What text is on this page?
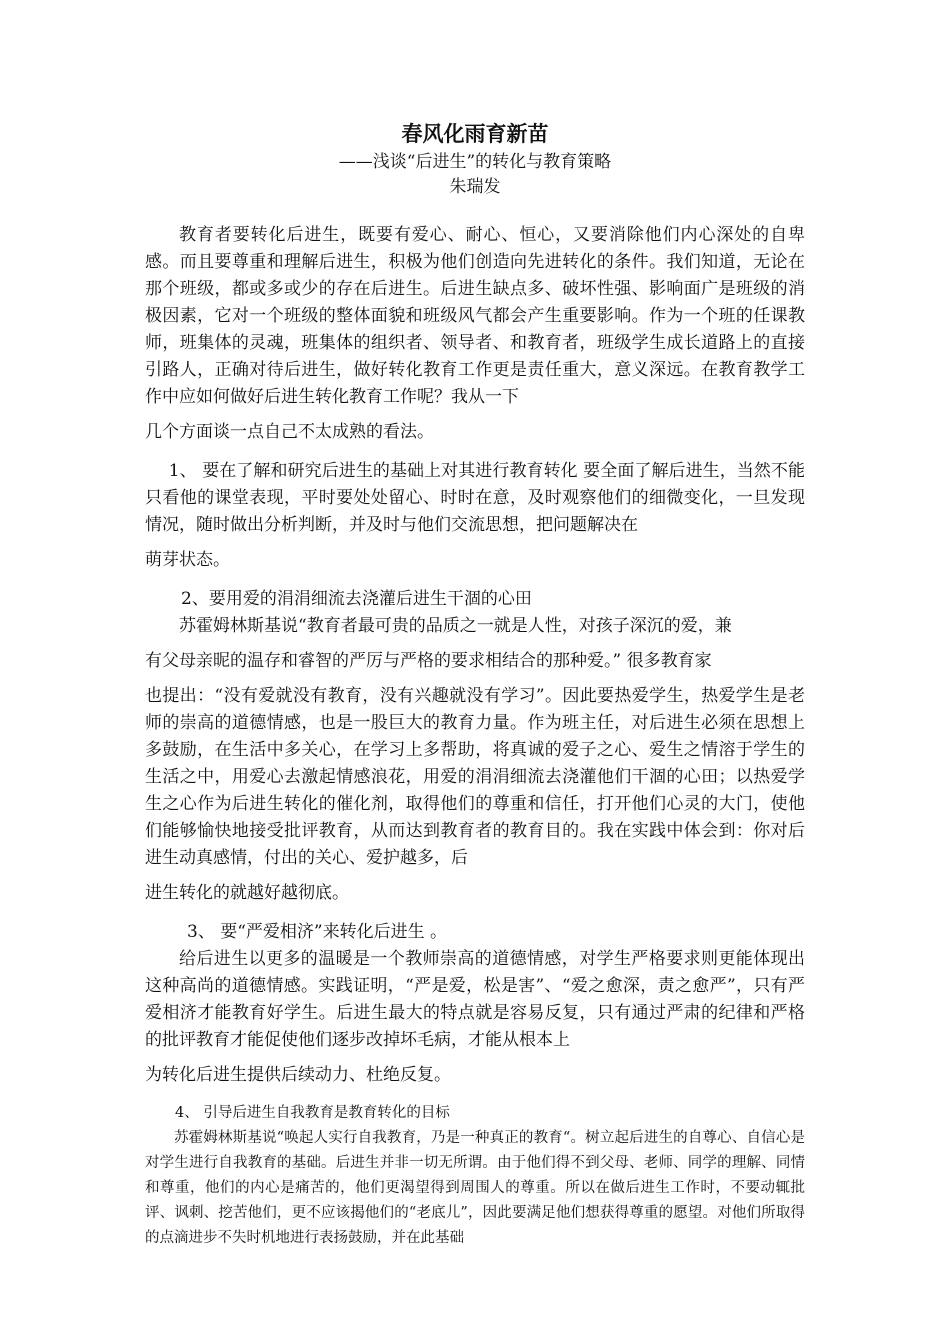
春风化雨育新苗
——浅谈“后进生”的转化与教育策略
朱瑞发

教育者要转化后进生，既要有爱心、耐心、恒心，又要消除他们内心深处的自卑感。而且要尊重和理解后进生，积极为他们创造向先进转化的条件。我们知道，无论在那个班级，都或多或少的存在后进生。后进生缺点多、破坏性强、影响面广是班级的消极因素，它对一个班级的整体面貌和班级风气都会产生重要影响。作为一个班的任课教师，班集体的灵魂，班集体的组织者、领导者、和教育者，班级学生成长道路上的直接引路人，正确对待后进生，做好转化教育工作更是责任重大，意义深远。在教育教学工作中应如何做好后进生转化教育工作呢？我从一下

几个方面谈一点自己不太成熟的看法。

1、 要在了解和研究后进生的基础上对其进行教育转化 要全面了解后进生，当然不能只看他的课堂表现，平时要处处留心、时时在意，及时观察他们的细微变化，一旦发现情况，随时做出分析判断，并及时与他们交流思想，把问题解决在

萌芽状态。

2、要用爱的涓涓细流去浇灌后进生干涸的心田

苏霍姆林斯基说“教育者最可贵的品质之一就是人性，对孩子深沉的爱，兼

有父母亲昵的温存和睿智的严厉与严格的要求相结合的那种爱。” 很多教育家

也提出：“没有爱就没有教育，没有兴趣就没有学习”。因此要热爱学生，热爱学生是老师的崇高的道德情感，也是一股巨大的教育力量。作为班主任，对后进生必须在思想上多鼓励，在生活中多关心，在学习上多帮助，将真诚的爱子之心、爱生之情溶于学生的生活之中，用爱心去激起情感浪花，用爱的涓涓细流去浇灌他们干涸的心田；以热爱学生之心作为后进生转化的催化剂，取得他们的尊重和信任，打开他们心灵的大门，使他们能够愉快地接受批评教育，从而达到教育者的教育目的。我在实践中体会到：你对后进生动真感情，付出的关心、爱护越多，后

进生转化的就越好越彻底。

3、 要“严爱相济”来转化后进生 。

给后进生以更多的温暖是一个教师崇高的道德情感，对学生严格要求则更能体现出这种高尚的道德情感。实践证明，“严是爱，松是害”、“爱之愈深，责之愈严”，只有严爱相济才能教育好学生。后进生最大的特点就是容易反复，只有通过严肃的纪律和严格的批评教育才能促使他们逐步改掉坏毛病，才能从根本上

为转化后进生提供后续动力、杜绝反复。

4、 引导后进生自我教育是教育转化的目标

苏霍姆林斯基说“唤起人实行自我教育，乃是一种真正的教育“。树立起后进生的自尊心、自信心是对学生进行自我教育的基础。后进生并非一切无所谓。由于他们得不到父母、老师、同学的理解、同情和尊重，他们的内心是痛苦的，他们更渴望得到周围人的尊重。所以在做后进生工作时，不要动辄批评、讽刺、挖苦他们，更不应该揭他们的“老底儿”，因此要满足他们想获得尊重的愿望。对他们所取得的点滴进步不失时机地进行表扬鼓励，并在此基础
